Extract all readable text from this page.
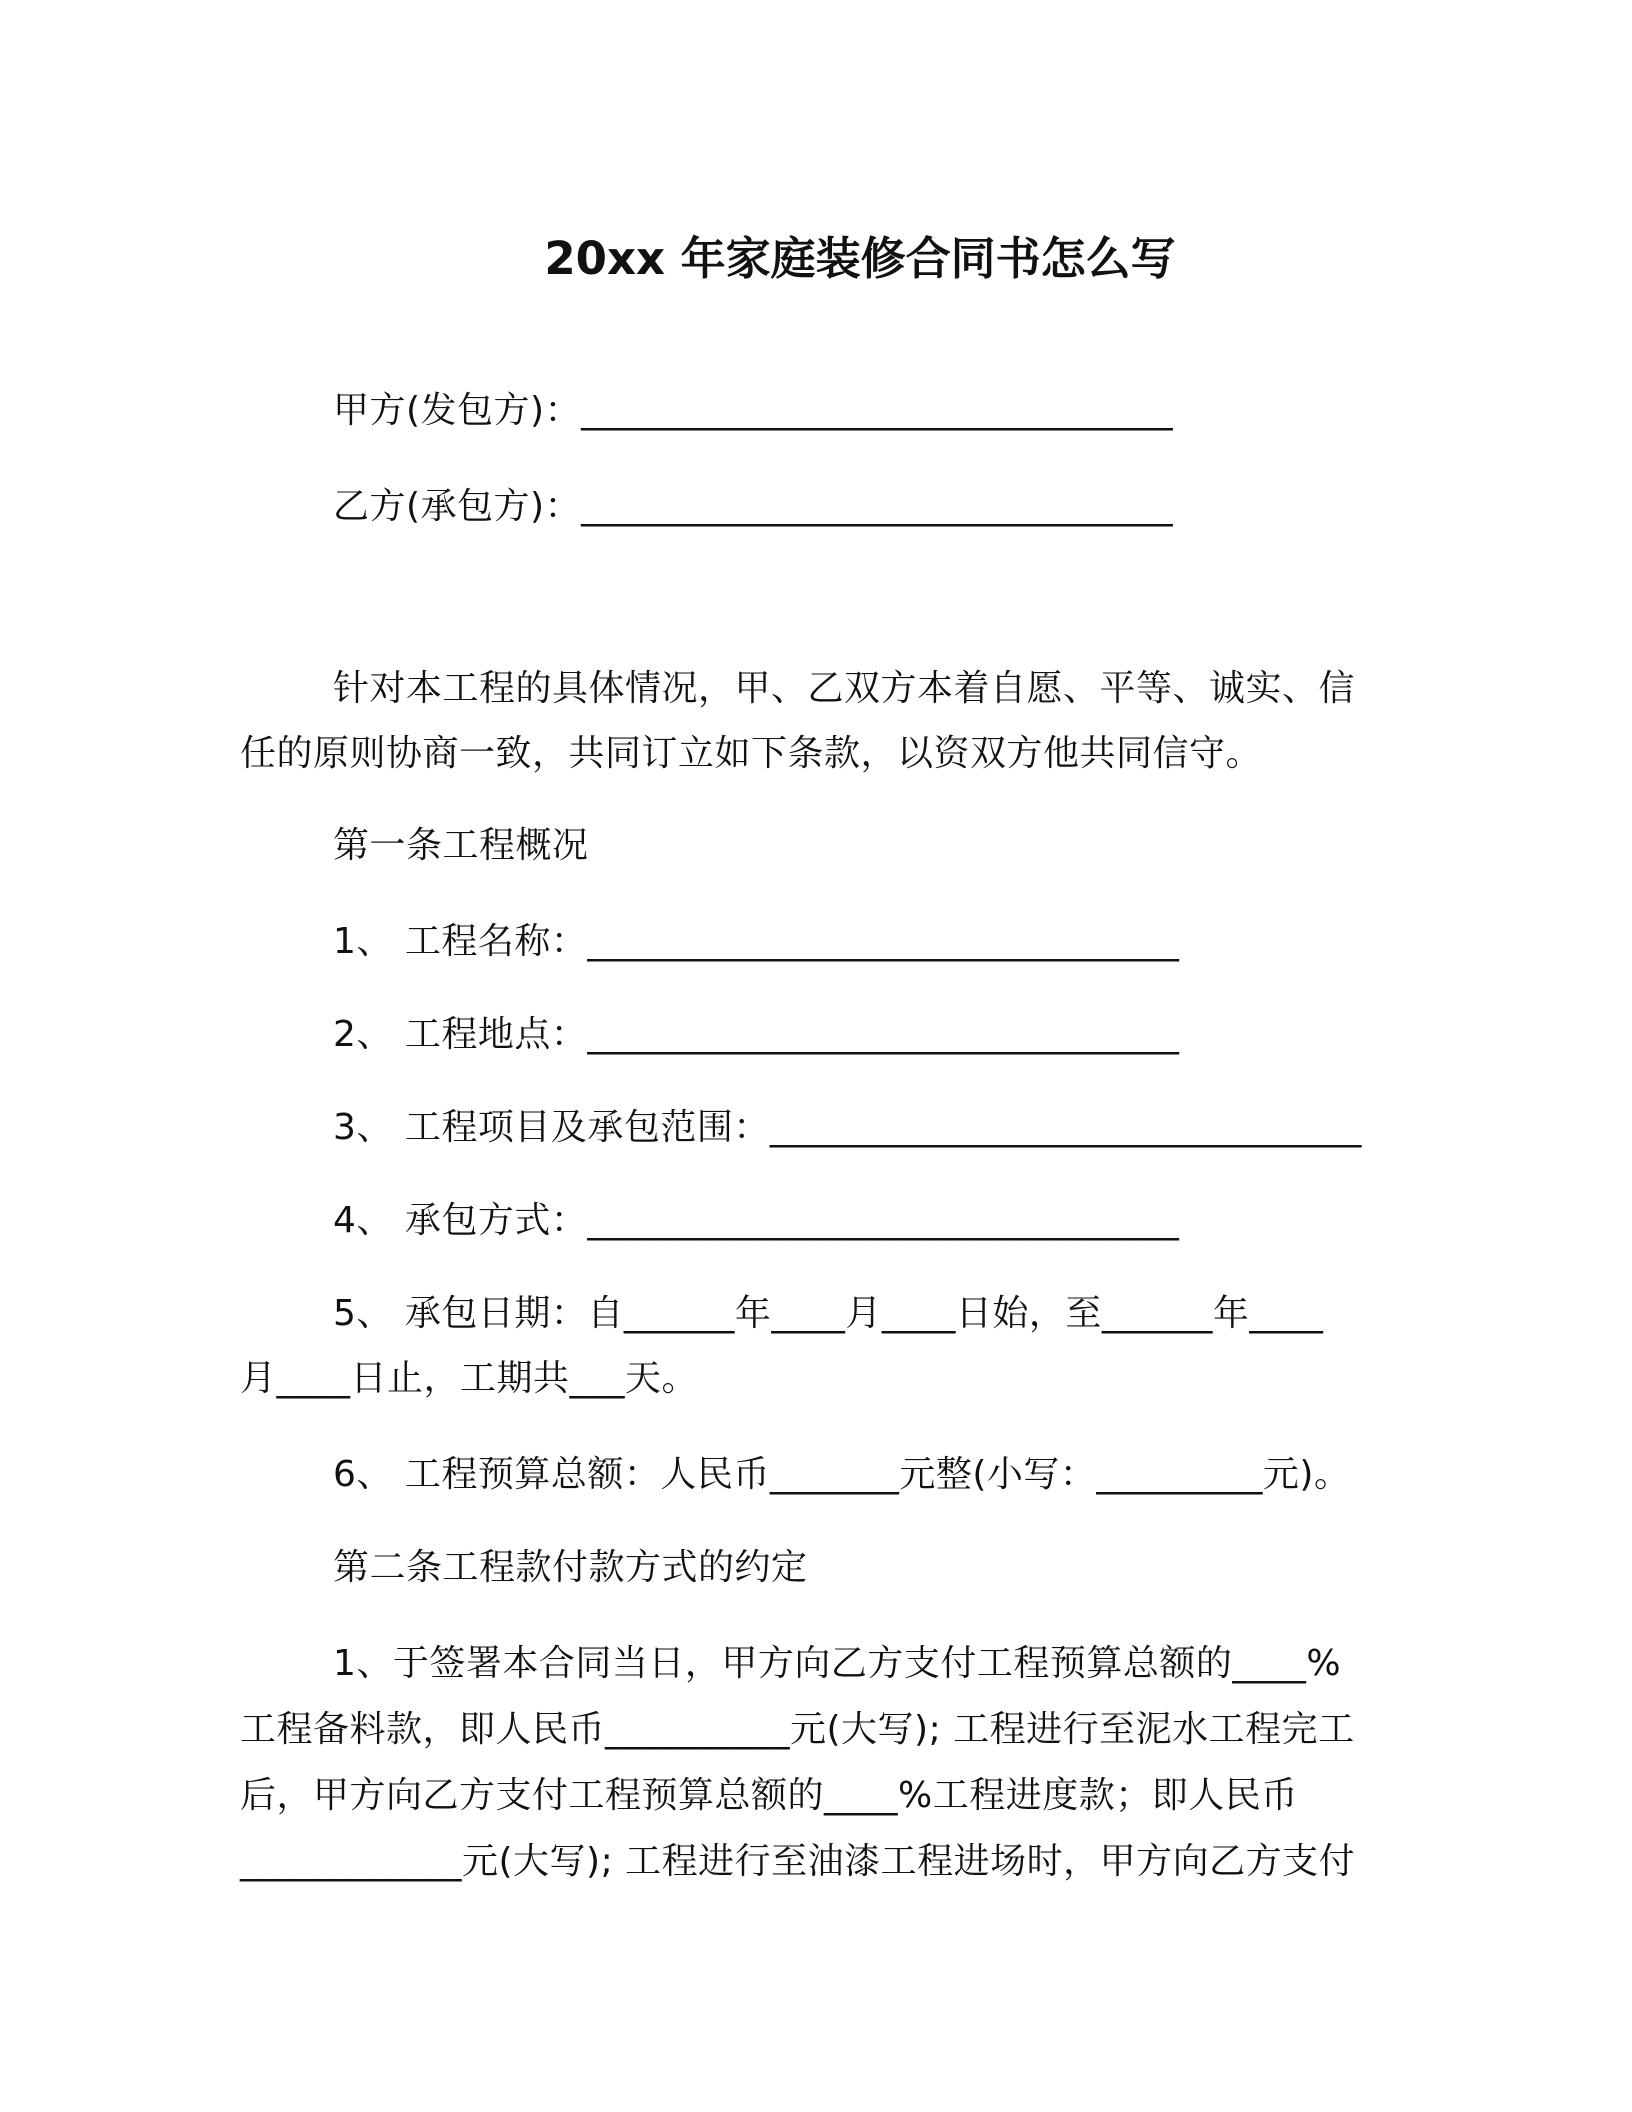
20xx 年家庭装修合同书怎么写
甲方(发包方)：________________________________
乙方(承包方)：________________________________
针对本工程的具体情况，甲、乙双方本着自愿、平等、诚实、信
任的原则协商一致，共同订立如下条款，以资双方他共同信守。
第一条工程概况
1、 工程名称：________________________________
2、 工程地点：________________________________
3、 工程项目及承包范围：________________________________
4、 承包方式：________________________________
5、 承包日期：自______年____月____日始，至______年____
月____日止，工期共___天。
6、 工程预算总额：人民币_______元整(小写：_________元)。
第二条工程款付款方式的约定
1、于签署本合同当日，甲方向乙方支付工程预算总额的____%
工程备料款，即人民币__________元(大写); 工程进行至泥水工程完工
后，甲方向乙方支付工程预算总额的____%工程进度款；即人民币
____________元(大写); 工程进行至油漆工程进场时，甲方向乙方支付
